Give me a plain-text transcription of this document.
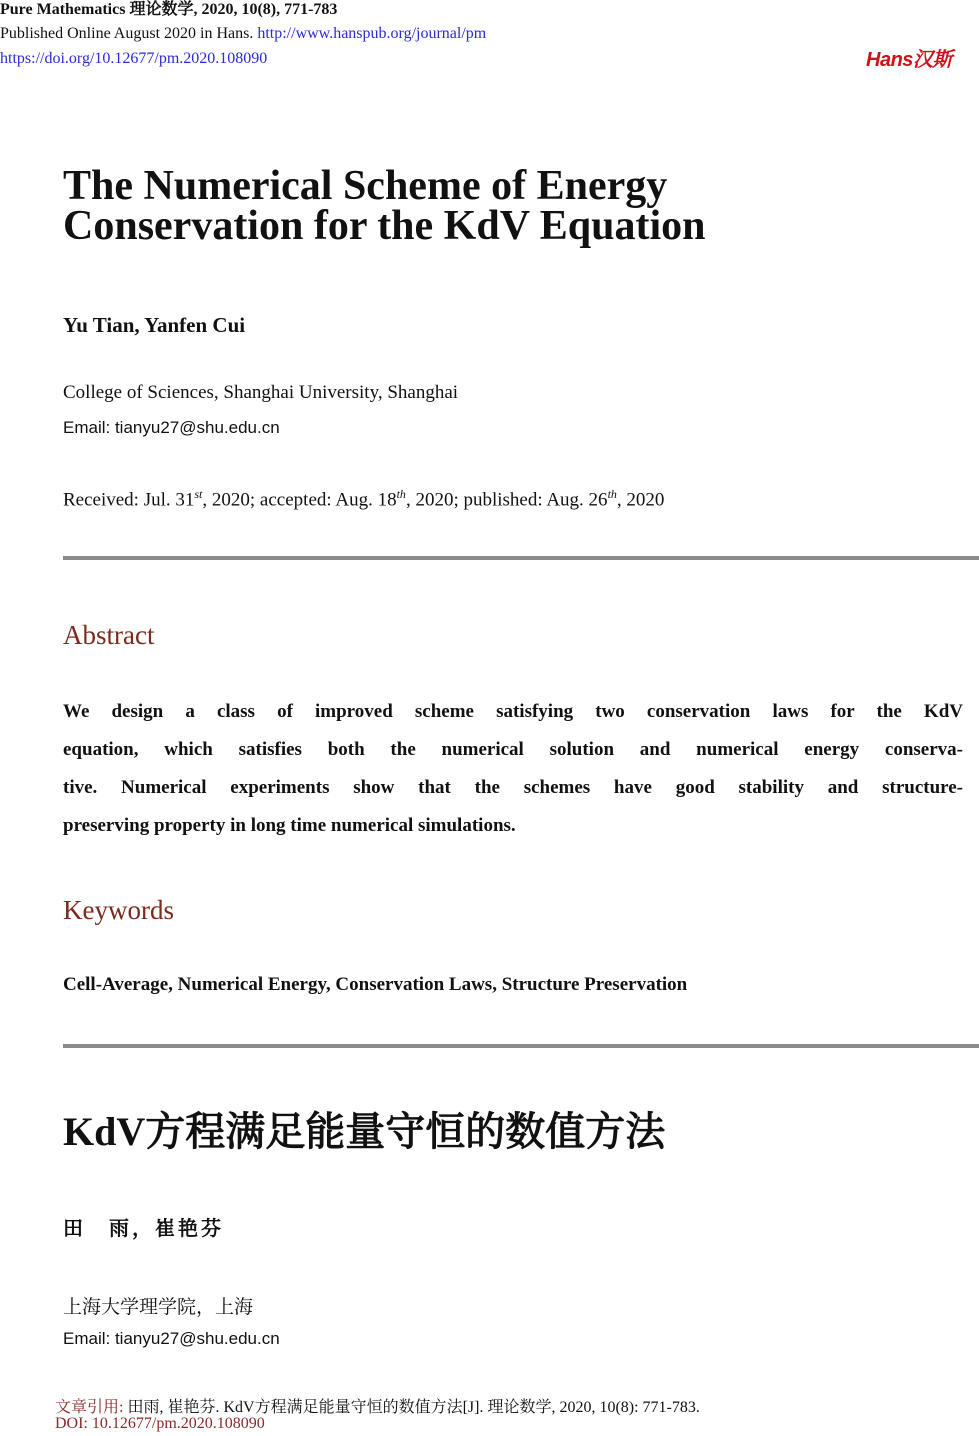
Pure Mathematics 理论数学, 2020, 10(8), 771-783
Published Online August 2020 in Hans. http://www.hanspub.org/journal/pm
https://doi.org/10.12677/pm.2020.108090	Hans汉斯
The Numerical Scheme of Energy
Conservation for the KdV Equation
Yu Tian, Yanfen Cui
College of Sciences, Shanghai University, Shanghai
Email: tianyu27@shu.edu.cn
Received: Jul. 31st, 2020; accepted: Aug. 18th, 2020; published: Aug. 26th, 2020
Abstract
We design a class of improved scheme satisfying two conservation laws for the KdV
equation, which satisfies both the numerical solution and numerical energy conserva-
tive. Numerical experiments show that the schemes have good stability and structure-
preserving property in long time numerical simulations.
Keywords
Cell-Average, Numerical Energy, Conservation Laws, Structure Preservation
KdV方程满足能量守恒的数值方法
田　雨，崔艳芬
上海大学理学院，上海
Email: tianyu27@shu.edu.cn
文章引用: 田雨, 崔艳芬. KdV方程满足能量守恒的数值方法[J]. 理论数学, 2020, 10(8): 771-783.
DOI: 10.12677/pm.2020.108090
